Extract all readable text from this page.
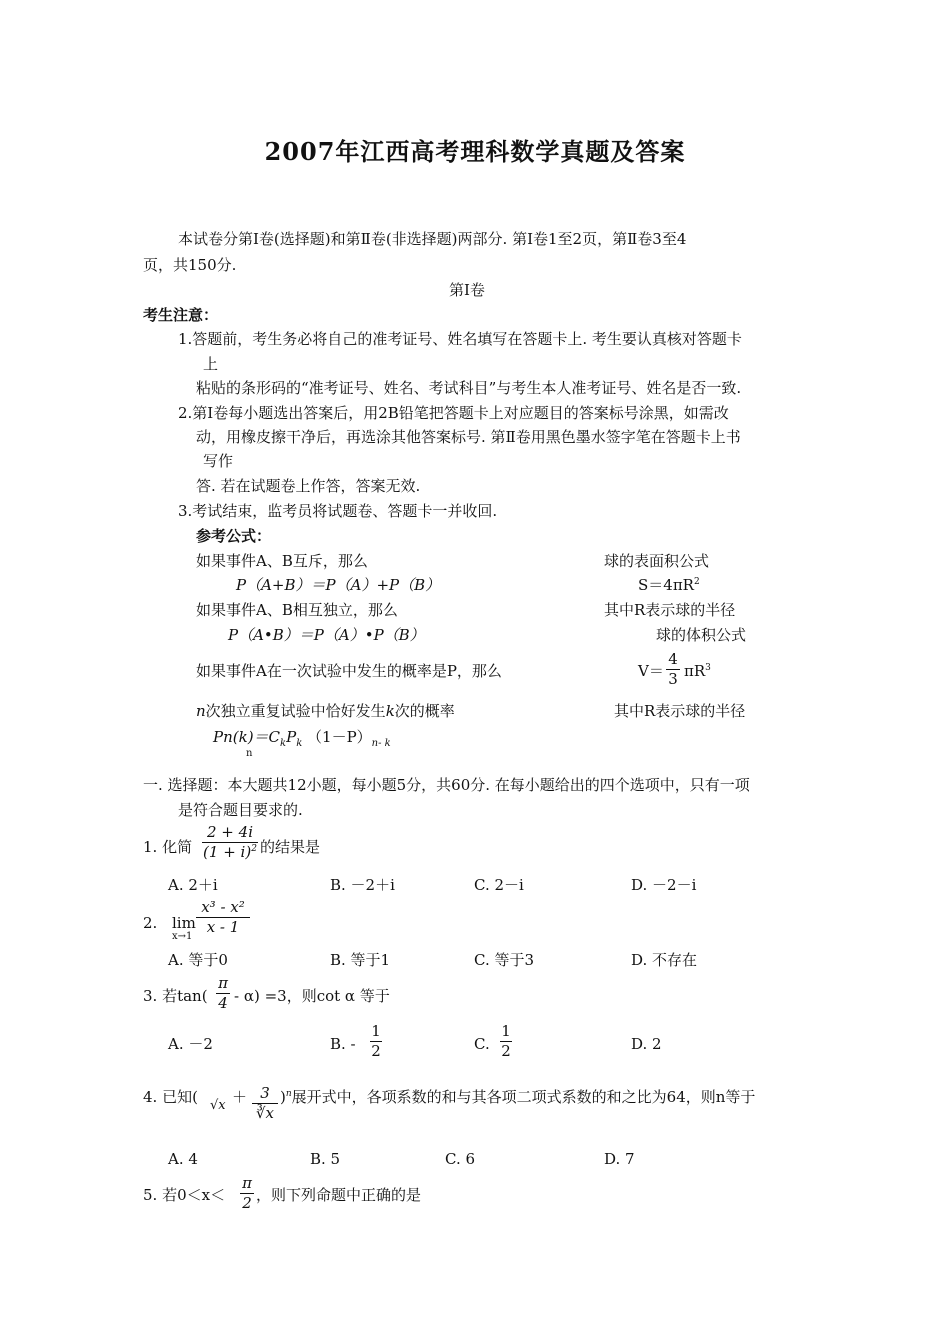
2007年江西高考理科数学真题及答案
本试卷分第Ⅰ卷(选择题)和第Ⅱ卷(非选择题)两部分. 第Ⅰ卷1至2页，第Ⅱ卷3至4
页，共150分.
第Ⅰ卷
考生注意：
1.答题前，考生务必将自己的准考证号、姓名填写在答题卡上. 考生要认真核对答题卡
上
粘贴的条形码的“准考证号、姓名、考试科目”与考生本人准考证号、姓名是否一致.
2.第Ⅰ卷每小题选出答案后，用2B铅笔把答题卡上对应题目的答案标号涂黑，如需改
动，用橡皮擦干净后，再选涂其他答案标号. 第Ⅱ卷用黑色墨水签字笔在答题卡上书
写作
答. 若在试题卷上作答，答案无效.
3.考试结束，监考员将试题卷、答题卡一并收回.
参考公式：
如果事件A、B互斥，那么	球的表面积公式
P（A+B）＝P（A）+P（B）	$S=4\pi R^2$
如果事件A、B相互独立，那么	其中R表示球的半径
P（A•B）＝P（A）•P（B）	球的体积公式
如果事件A在一次试验中发生的概率是P，那么	V＝
4
3 $\pi R^3$
n次独立重复试验中恰好发生k次的概率	其中R表示球的半径
$Pn(k)=C_kP_k$ $(1-P)_{n- k}$
n
一. 选择题：本大题共12小题，每小题5分，共60分. 在每小题给出的四个选项中，只有一项
是符合题目要求的.
1. 化简
2 + 4i
$(1 + i)^2$ 的结果是
A. 2＋i	B. －2＋i	C. 2－i	D. －2－i
2. lim
x→1
x³ - x²
x - 1
A. 等于0	B. 等于1	C. 等于3	D. 不存在
3. 若tan(
π
4 - α) =3，则cot α 等于
A. －2	B. -
1
2	C.
1
2	D. 2
4. 已知( √x ＋ 3
∛x
)$^n$展开式中，各项系数的和与其各项二项式系数的和之比为64，则n等于
A. 4	B. 5	C. 6	D. 7
5. 若0＜x＜
π
2 ，则下列命题中正确的是
